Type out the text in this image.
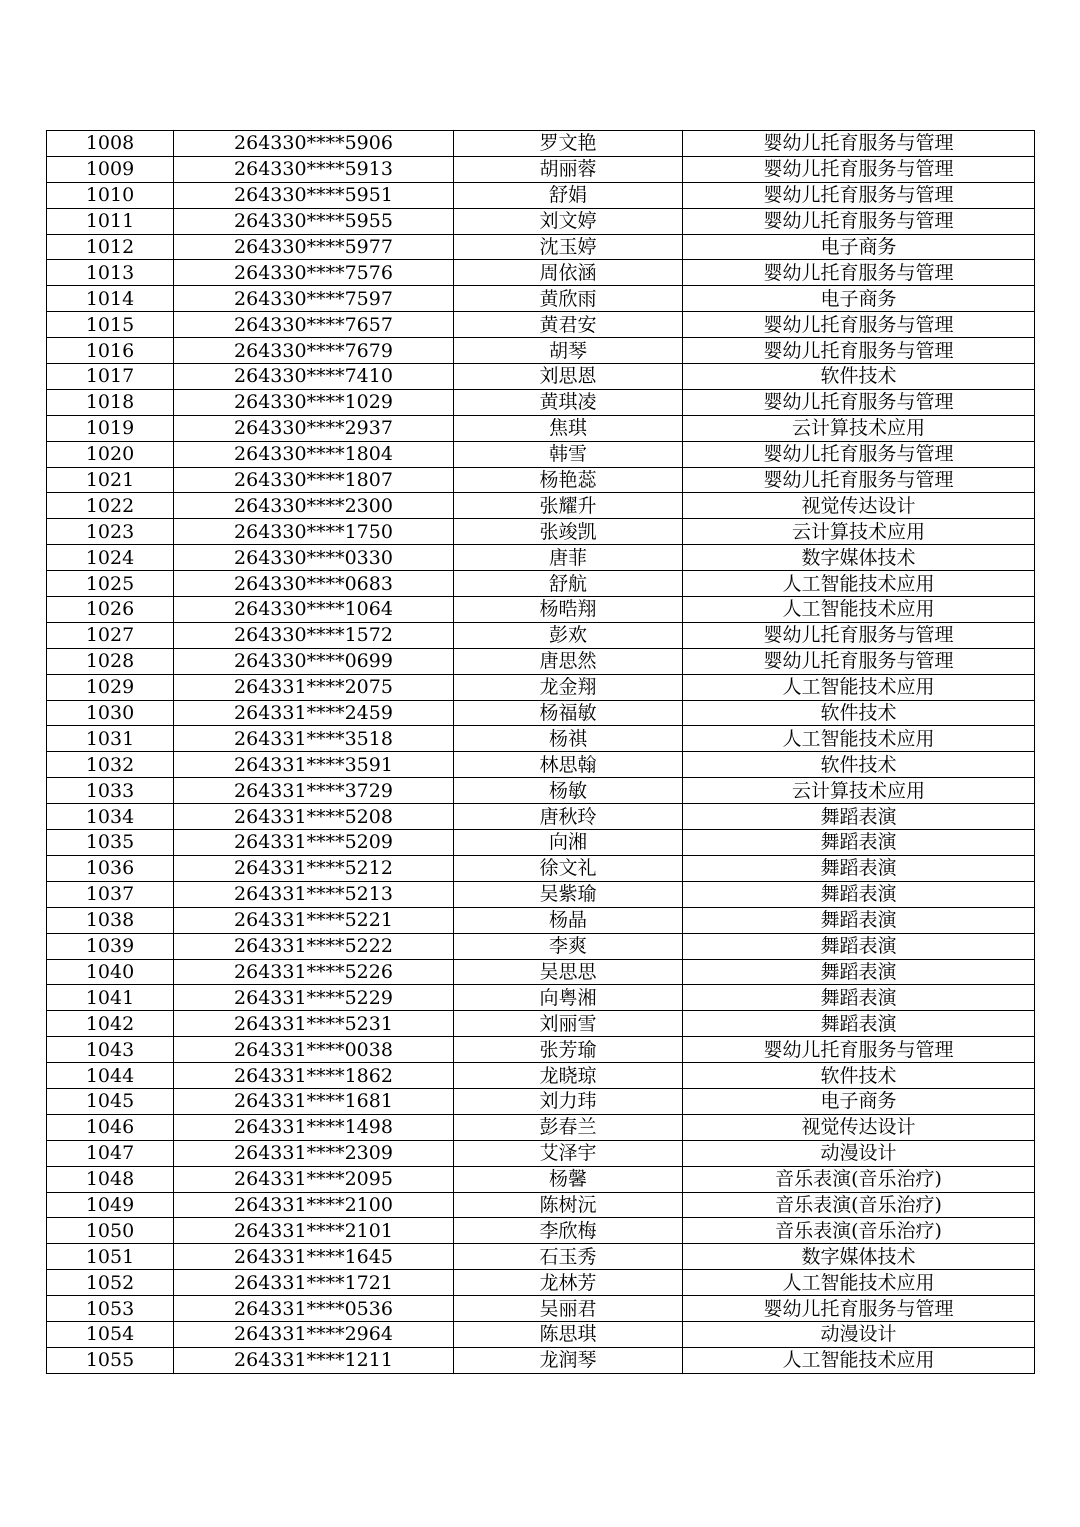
1008	264330****5906	罗文艳	婴幼儿托育服务与管理
1009	264330****5913	胡丽蓉	婴幼儿托育服务与管理
1010	264330****5951	舒娟	婴幼儿托育服务与管理
1011	264330****5955	刘文婷	婴幼儿托育服务与管理
1012	264330****5977	沈玉婷	电子商务
1013	264330****7576	周依涵	婴幼儿托育服务与管理
1014	264330****7597	黄欣雨	电子商务
1015	264330****7657	黄君安	婴幼儿托育服务与管理
1016	264330****7679	胡琴	婴幼儿托育服务与管理
1017	264330****7410	刘思恩	软件技术
1018	264330****1029	黄琪凌	婴幼儿托育服务与管理
1019	264330****2937	焦琪	云计算技术应用
1020	264330****1804	韩雪	婴幼儿托育服务与管理
1021	264330****1807	杨艳蕊	婴幼儿托育服务与管理
1022	264330****2300	张耀升	视觉传达设计
1023	264330****1750	张竣凯	云计算技术应用
1024	264330****0330	唐菲	数字媒体技术
1025	264330****0683	舒航	人工智能技术应用
1026	264330****1064	杨晧翔	人工智能技术应用
1027	264330****1572	彭欢	婴幼儿托育服务与管理
1028	264330****0699	唐思然	婴幼儿托育服务与管理
1029	264331****2075	龙金翔	人工智能技术应用
1030	264331****2459	杨福敏	软件技术
1031	264331****3518	杨祺	人工智能技术应用
1032	264331****3591	林思翰	软件技术
1033	264331****3729	杨敏	云计算技术应用
1034	264331****5208	唐秋玲	舞蹈表演
1035	264331****5209	向湘	舞蹈表演
1036	264331****5212	徐文礼	舞蹈表演
1037	264331****5213	吴紫瑜	舞蹈表演
1038	264331****5221	杨晶	舞蹈表演
1039	264331****5222	李爽	舞蹈表演
1040	264331****5226	吴思思	舞蹈表演
1041	264331****5229	向粤湘	舞蹈表演
1042	264331****5231	刘丽雪	舞蹈表演
1043	264331****0038	张芳瑜	婴幼儿托育服务与管理
1044	264331****1862	龙晓琼	软件技术
1045	264331****1681	刘力玮	电子商务
1046	264331****1498	彭春兰	视觉传达设计
1047	264331****2309	艾泽宇	动漫设计
1048	264331****2095	杨馨	音乐表演(音乐治疗)
1049	264331****2100	陈树沅	音乐表演(音乐治疗)
1050	264331****2101	李欣梅	音乐表演(音乐治疗)
1051	264331****1645	石玉秀	数字媒体技术
1052	264331****1721	龙林芳	人工智能技术应用
1053	264331****0536	吴丽君	婴幼儿托育服务与管理
1054	264331****2964	陈思琪	动漫设计
1055	264331****1211	龙润琴	人工智能技术应用
